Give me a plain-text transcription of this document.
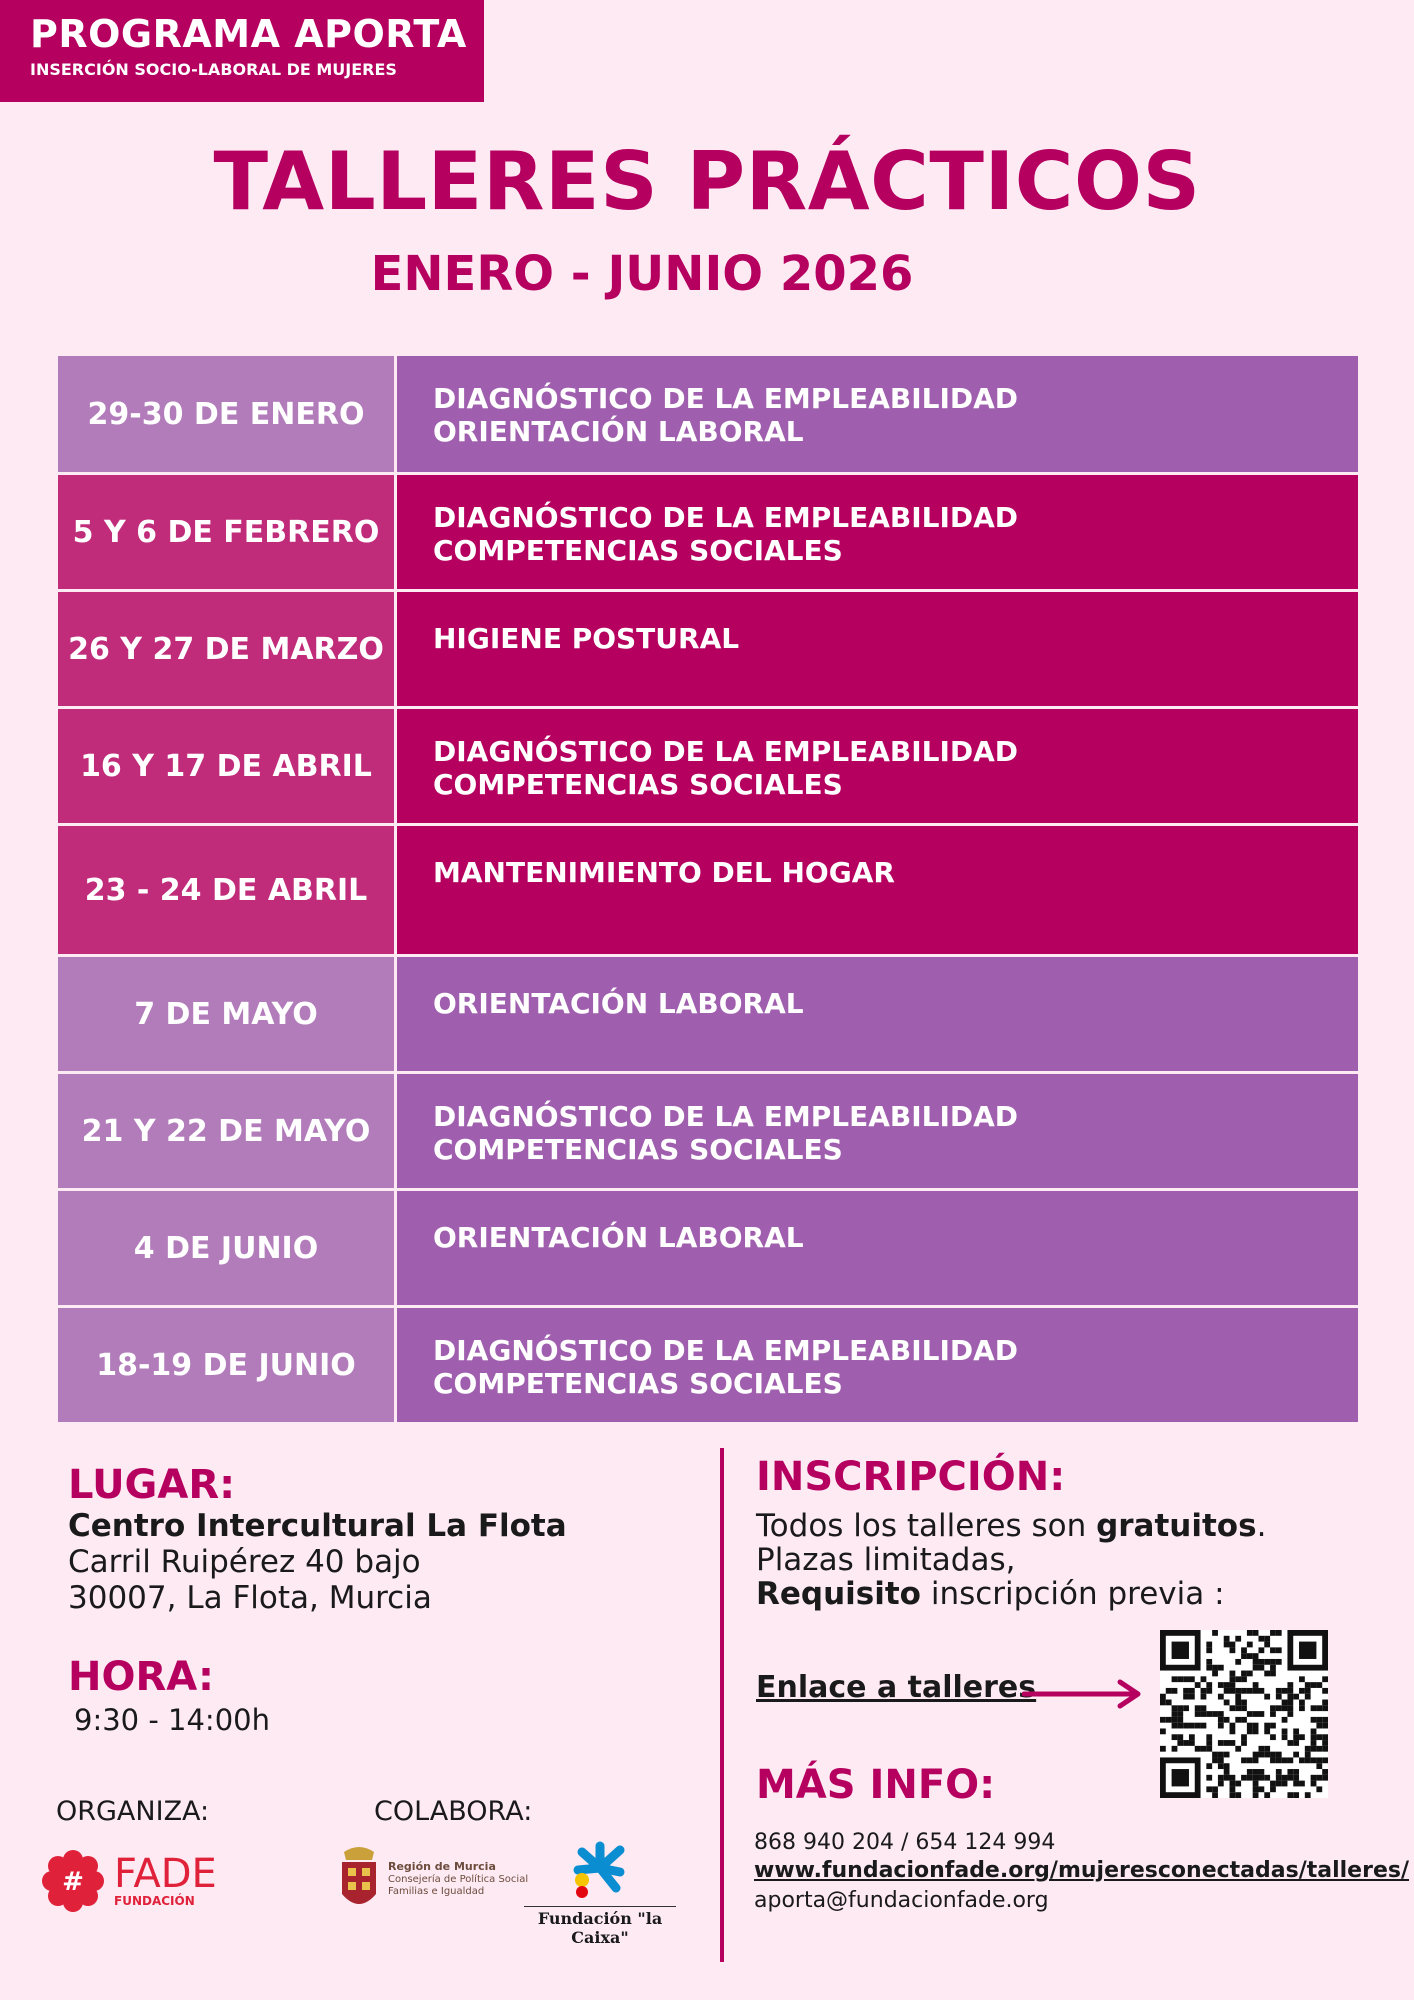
PROGRAMA APORTA
INSERCIÓN SOCIO-LABORAL DE MUJERES
TALLERES PRÁCTICOS
ENERO - JUNIO 2026
29-30 DE ENERO	DIAGNÓSTICO DE LA EMPLEABILIDAD
ORIENTACIÓN LABORAL
5 Y 6 DE FEBRERO	DIAGNÓSTICO DE LA EMPLEABILIDAD
COMPETENCIAS SOCIALES
26 Y 27 DE MARZO	HIGIENE POSTURAL
16 Y 17 DE ABRIL	DIAGNÓSTICO DE LA EMPLEABILIDAD
COMPETENCIAS SOCIALES
23 - 24 DE ABRIL	MANTENIMIENTO DEL HOGAR
7 DE MAYO	ORIENTACIÓN LABORAL
21 Y 22 DE MAYO	DIAGNÓSTICO DE LA EMPLEABILIDAD
COMPETENCIAS SOCIALES
4 DE JUNIO	ORIENTACIÓN LABORAL
18-19 DE JUNIO	DIAGNÓSTICO DE LA EMPLEABILIDAD
COMPETENCIAS SOCIALES
LUGAR:
Centro Intercultural La Flota
Carril Ruipérez 40 bajo
30007, La Flota, Murcia
HORA:
9:30 - 14:00h
ORGANIZA:	COLABORA:
# FADE
FUNDACIÓN
Región de Murcia
Consejería de Política Social
Familias e Igualdad
Fundación "la Caixa"
INSCRIPCIÓN:
Todos los talleres son gratuitos.
Plazas limitadas,
Requisito inscripción previa :
Enlace a talleres
MÁS INFO:
868 940 204 / 654 124 994
www.fundacionfade.org/mujeresconectadas/talleres/
aporta@fundacionfade.org
